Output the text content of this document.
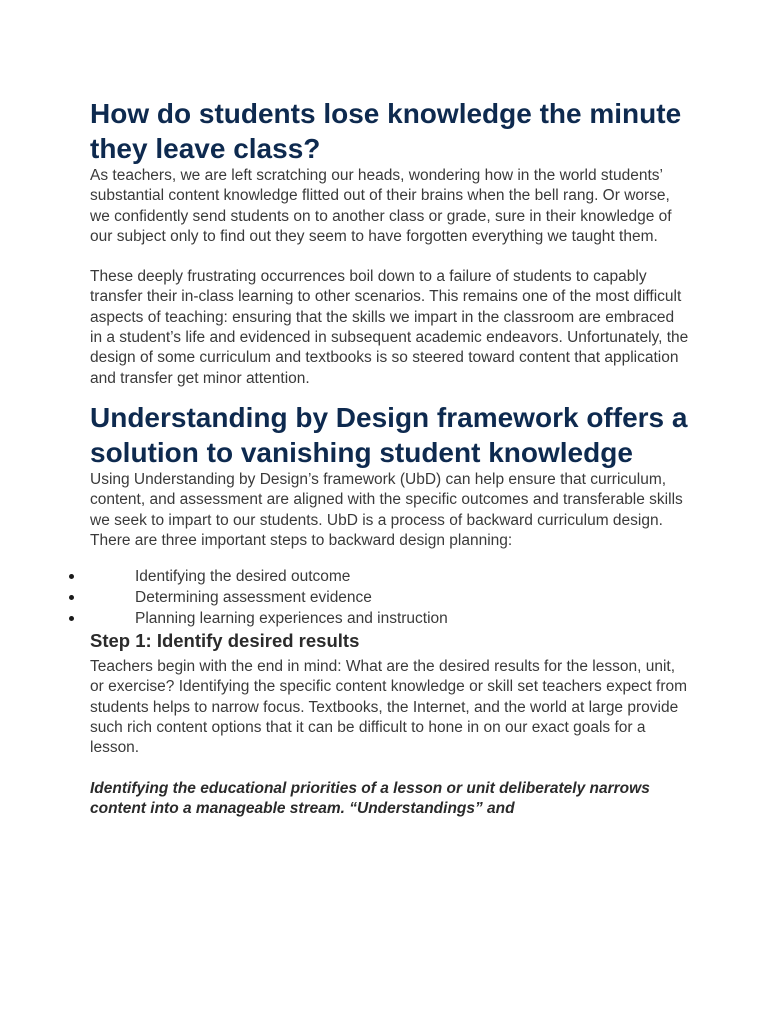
How do students lose knowledge the minute they leave class?

As teachers, we are left scratching our heads, wondering how in the world students’ substantial content knowledge flitted out of their brains when the bell rang. Or worse, we confidently send students on to another class or grade, sure in their knowledge of our subject only to find out they seem to have forgotten everything we taught them.

These deeply frustrating occurrences boil down to a failure of students to capably transfer their in-class learning to other scenarios. This remains one of the most difficult aspects of teaching: ensuring that the skills we impart in the classroom are embraced in a student’s life and evidenced in subsequent academic endeavors. Unfortunately, the design of some curriculum and textbooks is so steered toward content that application and transfer get minor attention.

Understanding by Design framework offers a solution to vanishing student knowledge

Using Understanding by Design’s framework (UbD) can help ensure that curriculum, content, and assessment are aligned with the specific outcomes and transferable skills we seek to impart to our students. UbD is a process of backward curriculum design. There are three important steps to backward design planning:

Identifying the desired outcome
Determining assessment evidence
Planning learning experiences and instruction
Step 1: Identify desired results

Teachers begin with the end in mind: What are the desired results for the lesson, unit, or exercise? Identifying the specific content knowledge or skill set teachers expect from students helps to narrow focus. Textbooks, the Internet, and the world at large provide such rich content options that it can be difficult to hone in on our exact goals for a lesson.

Identifying the educational priorities of a lesson or unit deliberately narrows content into a manageable stream. “Understandings” and
